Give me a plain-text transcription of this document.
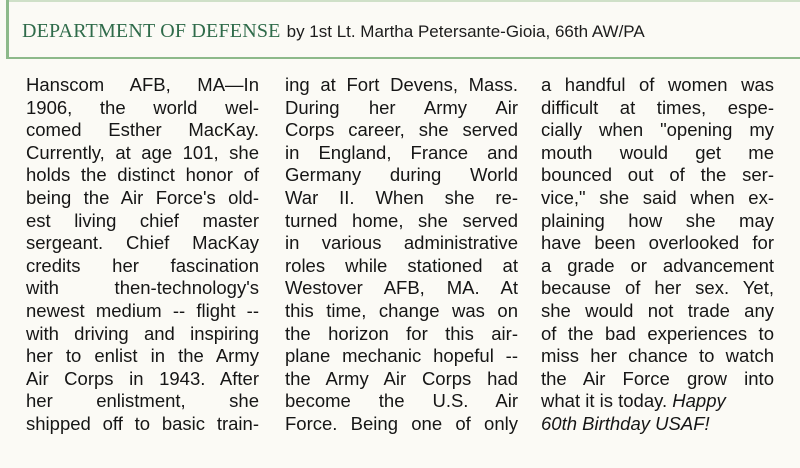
DEPARTMENT OF DEFENSE by 1st Lt. Martha Petersante-Gioia, 66th AW/PA
Hanscom AFB, MA—In
1906, the world wel-
comed Esther MacKay.
Currently, at age 101, she
holds the distinct honor of
being the Air Force's old-
est living chief master
sergeant. Chief MacKay
credits her fascination
with then-technology's
newest medium -- flight --
with driving and inspiring
her to enlist in the Army
Air Corps in 1943. After
her enlistment, she
shipped off to basic train-
ing at Fort Devens, Mass.
During her Army Air
Corps career, she served
in England, France and
Germany during World
War II. When she re-
turned home, she served
in various administrative
roles while stationed at
Westover AFB, MA. At
this time, change was on
the horizon for this air-
plane mechanic hopeful --
the Army Air Corps had
become the U.S. Air
Force. Being one of only
a handful of women was
difficult at times, espe-
cially when "opening my
mouth would get me
bounced out of the ser-
vice," she said when ex-
plaining how she may
have been overlooked for
a grade or advancement
because of her sex. Yet,
she would not trade any
of the bad experiences to
miss her chance to watch
the Air Force grow into
what it is today. Happy
60th Birthday USAF!
